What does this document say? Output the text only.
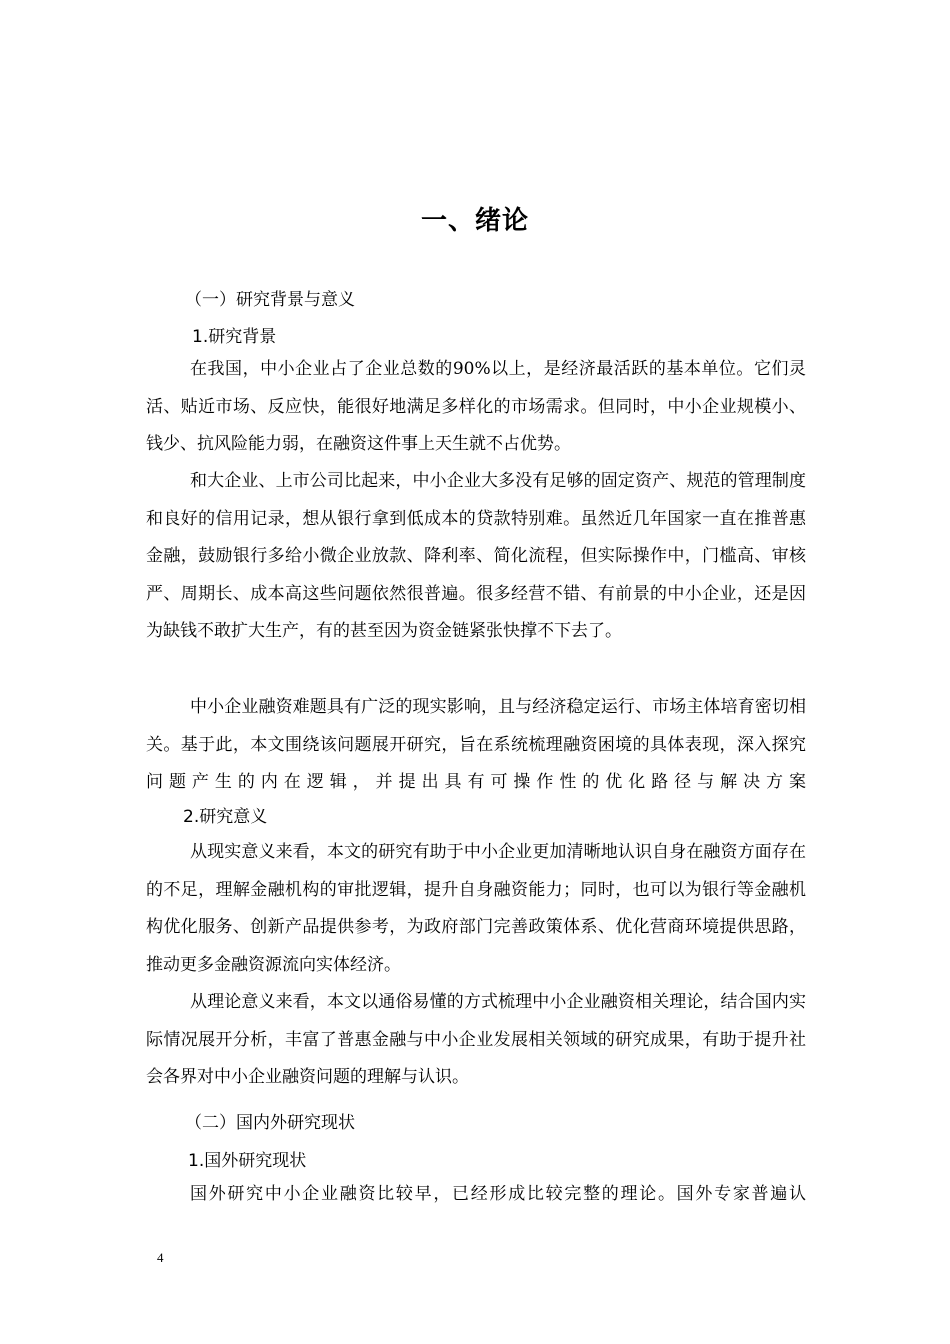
一、绪论
（一）研究背景与意义
1.研究背景

在我国，中小企业占了企业总数的90%以上，是经济最活跃的基本单位。它们灵活、贴近市场、反应快，能很好地满足多样化的市场需求。但同时，中小企业规模小、钱少、抗风险能力弱，在融资这件事上天生就不占优势。

和大企业、上市公司比起来，中小企业大多没有足够的固定资产、规范的管理制度和良好的信用记录，想从银行拿到低成本的贷款特别难。虽然近几年国家一直在推普惠金融，鼓励银行多给小微企业放款、降利率、简化流程，但实际操作中，门槛高、审核严、周期长、成本高这些问题依然很普遍。很多经营不错、有前景的中小企业，还是因为缺钱不敢扩大生产，有的甚至因为资金链紧张快撑不下去了。

中小企业融资难题具有广泛的现实影响，且与经济稳定运行、市场主体培育密切相关。基于此，本文围绕该问题展开研究，旨在系统梳理融资困境的具体表现，深入探究问题产生的内在逻辑，并提出具有可操作性的优化路径与解决方案

2.研究意义

从现实意义来看，本文的研究有助于中小企业更加清晰地认识自身在融资方面存在的不足，理解金融机构的审批逻辑，提升自身融资能力；同时，也可以为银行等金融机构优化服务、创新产品提供参考，为政府部门完善政策体系、优化营商环境提供思路，推动更多金融资源流向实体经济。

从理论意义来看，本文以通俗易懂的方式梳理中小企业融资相关理论，结合国内实际情况展开分析，丰富了普惠金融与中小企业发展相关领域的研究成果，有助于提升社会各界对中小企业融资问题的理解与认识。

（二）国内外研究现状
1.国外研究现状

国外研究中小企业融资比较早，已经形成比较完整的理论。国外专家普遍认

4
